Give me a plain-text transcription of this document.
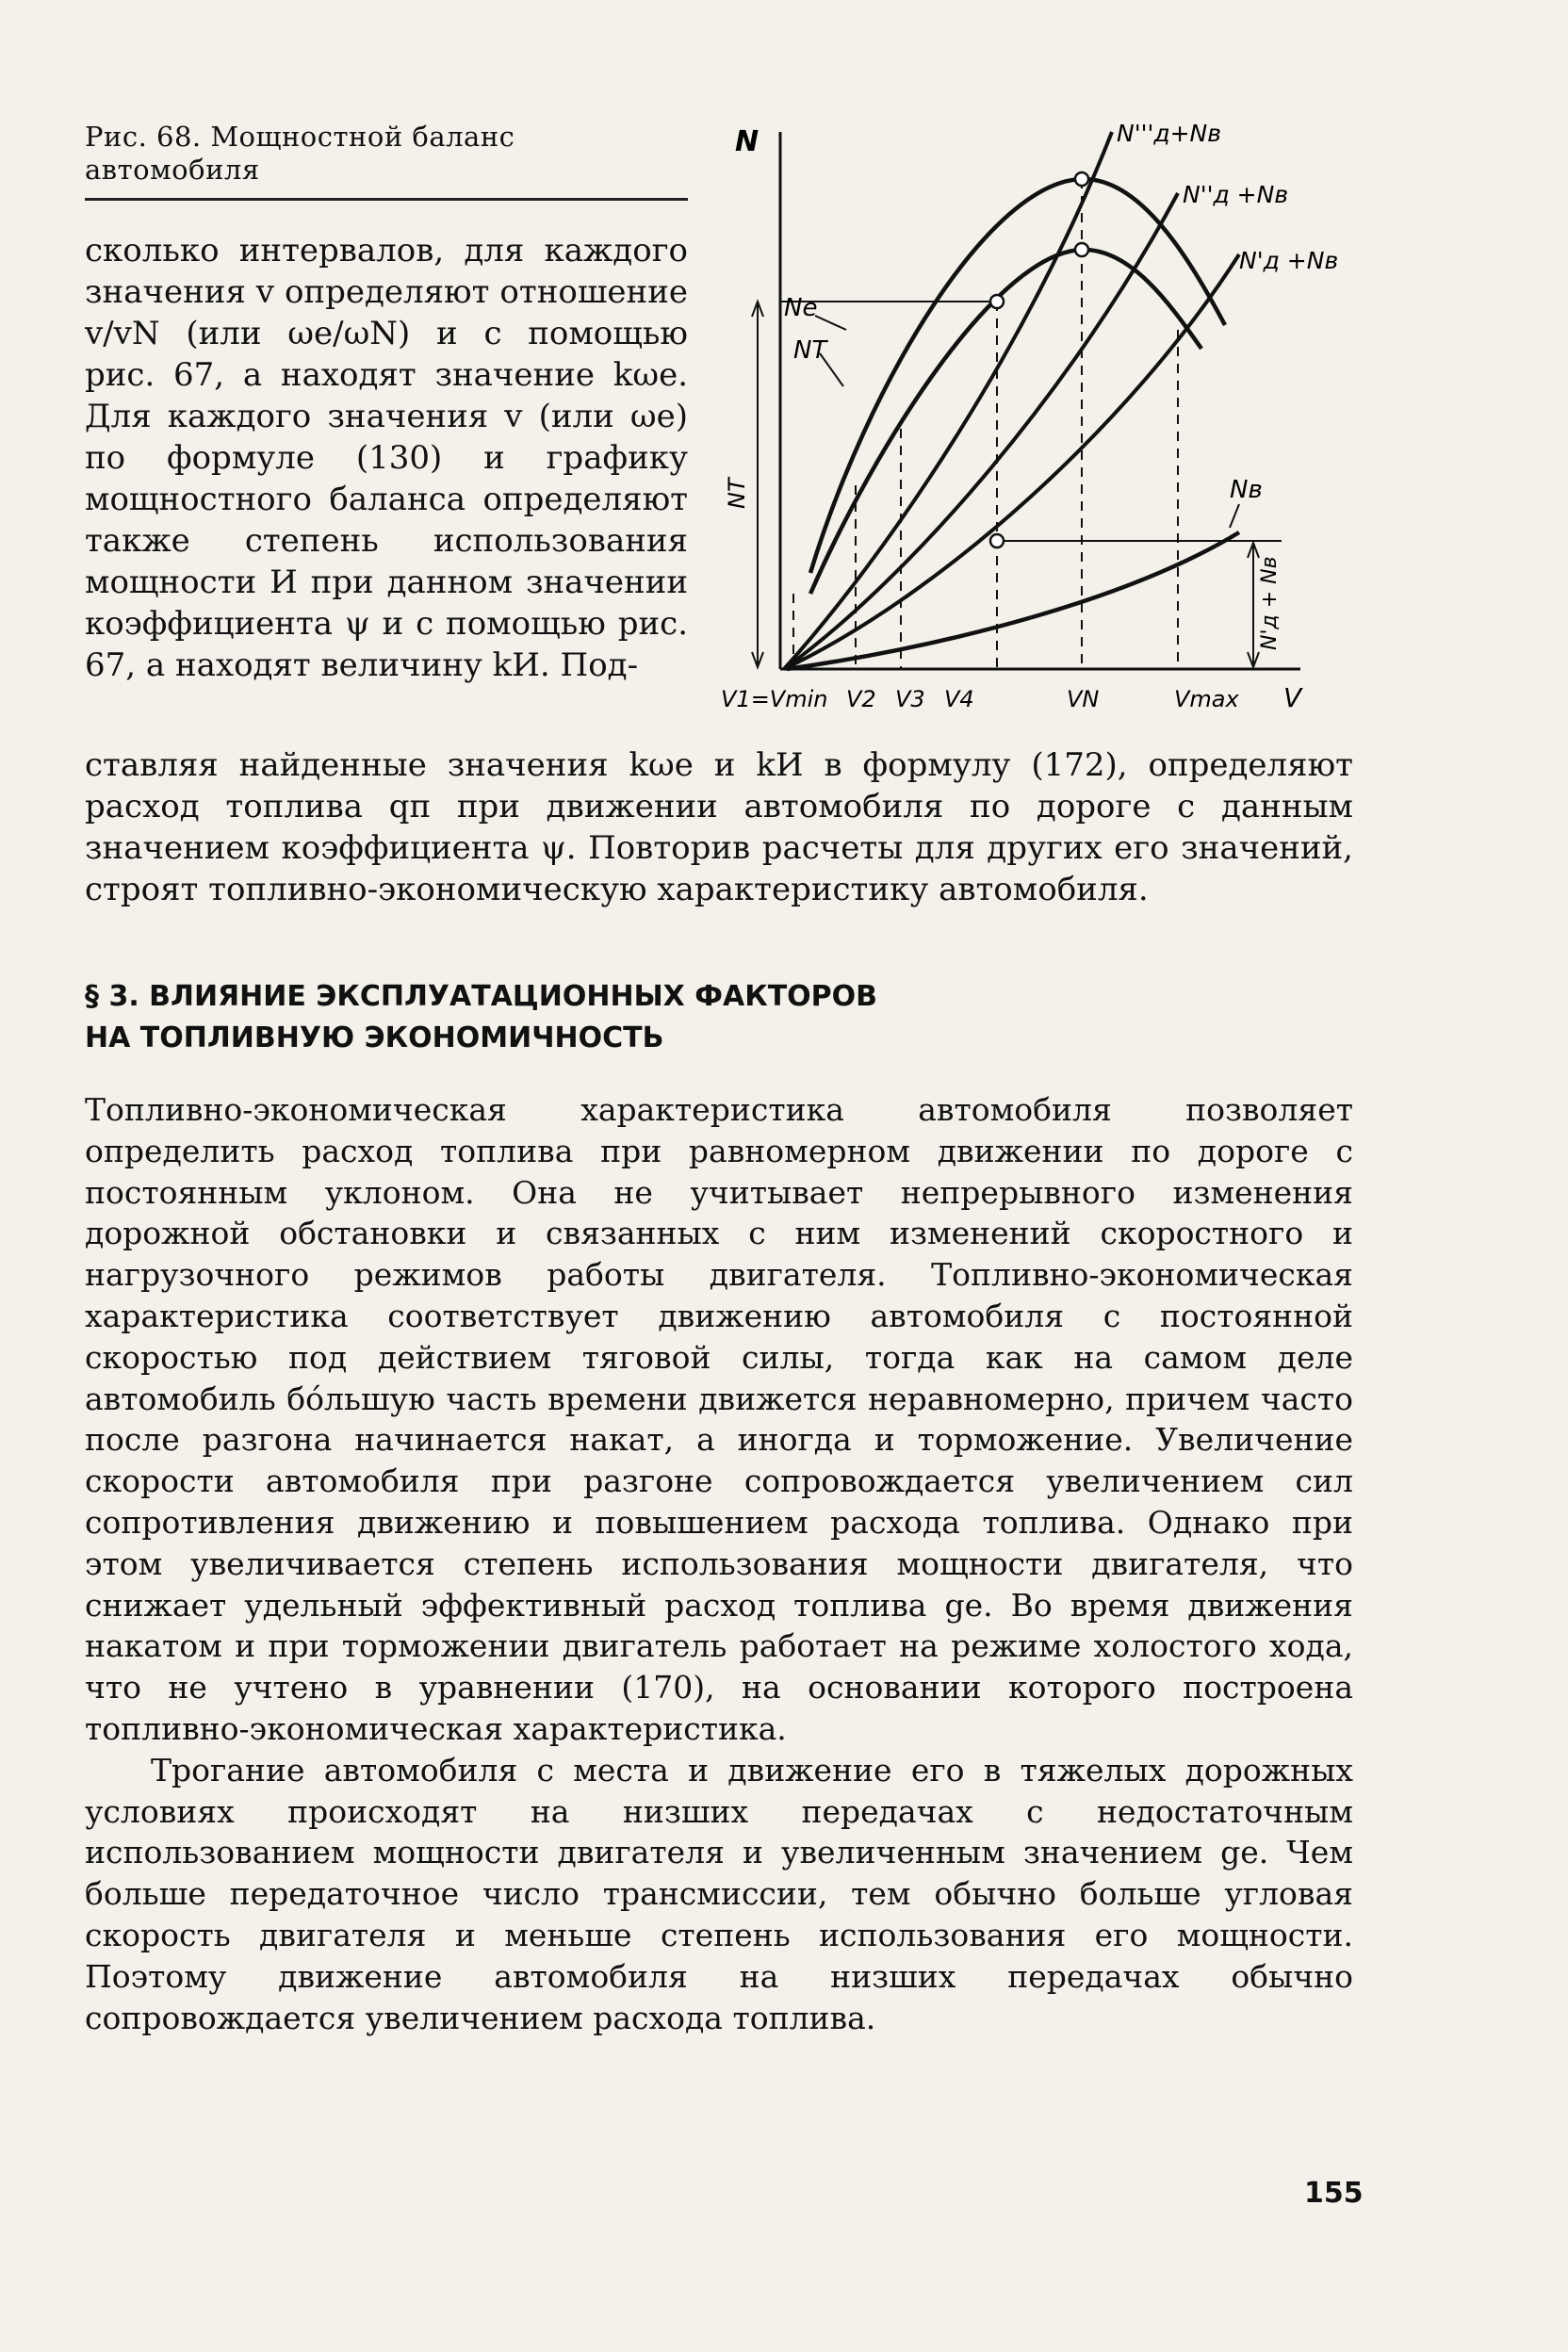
Рис. 68. Мощностной баланс автомобиля
N
V
Ne
NT
Nв
NT
N'д + Nв
N'''д+Nв
N''д +Nв
N'д +Nв
V1=Vmin V2 V3 V4	VN	Vmax

сколько интервалов, для каждого значения v определяют отношение v/vN (или ωe/ωN) и с помощью рис. 67, а находят значение kωe. Для каждого значения v (или ωe) по формуле (130) и графику мощностного баланса определяют также степень использования мощности И при данном значении коэффициента ψ и с помощью рис. 67, а находят величину kИ. Под-

ставляя найденные значения kωe и kИ в формулу (172), определяют расход топлива qп при движении автомобиля по дороге с данным значением коэффициента ψ. Повторив расчеты для других его значений, строят топливно-экономическую характеристику автомобиля.

§ 3. ВЛИЯНИЕ ЭКСПЛУАТАЦИОННЫХ ФАКТОРОВ
НА ТОПЛИВНУЮ ЭКОНОМИЧНОСТЬ

Топливно-экономическая характеристика автомобиля позволяет определить расход топлива при равномерном движении по дороге с постоянным уклоном. Она не учитывает непрерывного изменения дорожной обстановки и связанных с ним изменений скоростного и нагрузочного режимов работы двигателя. Топливно-экономическая характеристика соответствует движению автомобиля с постоянной скоростью под действием тяговой силы, тогда как на самом деле автомобиль бóльшую часть времени движется неравномерно, причем часто после разгона начинается накат, а иногда и торможение. Увеличение скорости автомобиля при разгоне сопровождается увеличением сил сопротивления движению и повышением расхода топлива. Однако при этом увеличивается степень использования мощности двигателя, что снижает удельный эффективный расход топлива ge. Во время движения накатом и при торможении двигатель работает на режиме холостого хода, что не учтено в уравнении (170), на основании которого построена топливно-экономическая характеристика.

Трогание автомобиля с места и движение его в тяжелых дорожных условиях происходят на низших передачах с недостаточным использованием мощности двигателя и увеличенным значением ge. Чем больше передаточное число трансмиссии, тем обычно больше угловая скорость двигателя и меньше степень использования его мощности. Поэтому движение автомобиля на низших передачах обычно сопровождается увеличением расхода топлива.

155
